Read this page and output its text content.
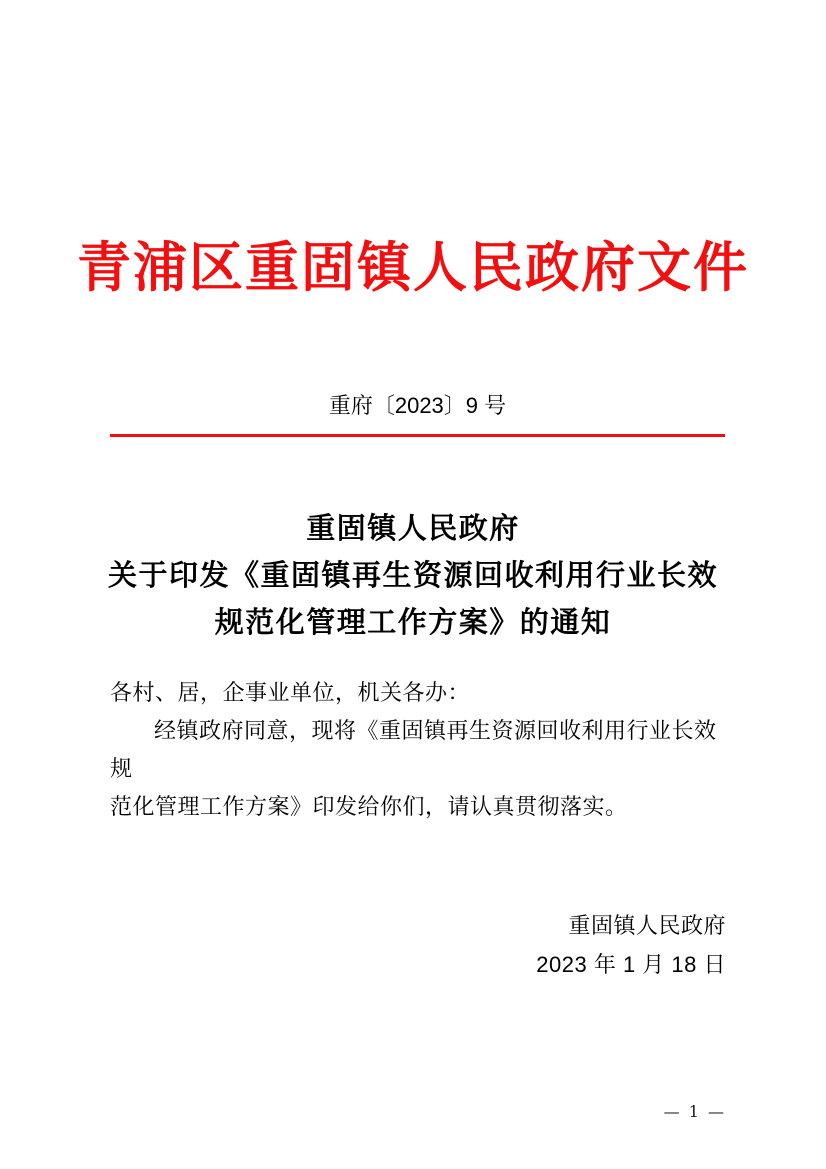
青浦区重固镇人民政府文件
重府〔2023〕9 号
重固镇人民政府
关于印发《重固镇再生资源回收利用行业长效
规范化管理工作方案》的通知
各村、居，企事业单位，机关各办：
经镇政府同意，现将《重固镇再生资源回收利用行业长效规
范化管理工作方案》印发给你们，请认真贯彻落实。
重固镇人民政府
2023 年 1 月 18 日
— 1 —
